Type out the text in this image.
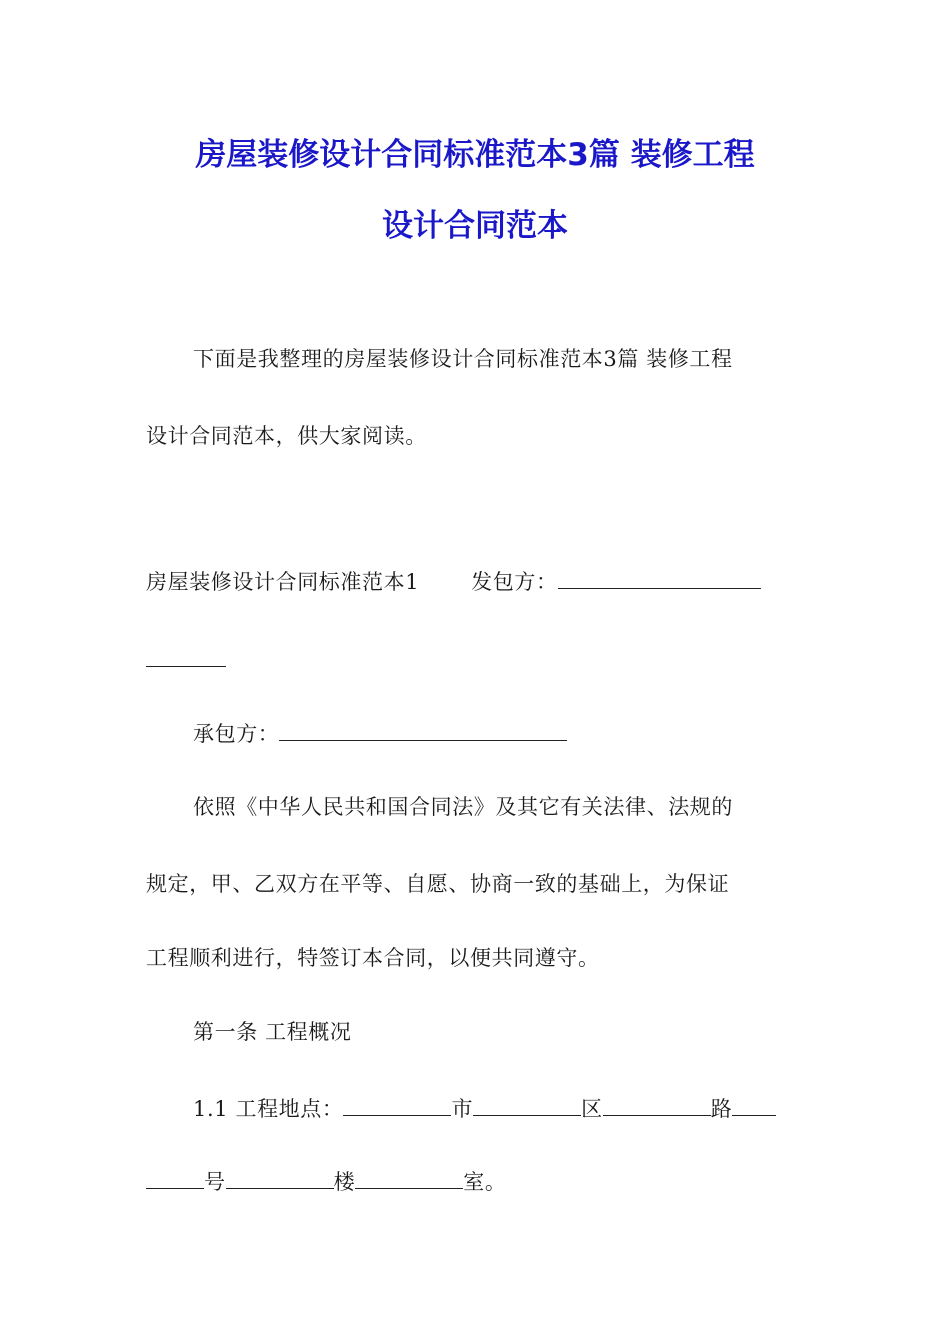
房屋装修设计合同标准范本3篇 装修工程
设计合同范本
下面是我整理的房屋装修设计合同标准范本3篇 装修工程
设计合同范本，供大家阅读。
房屋装修设计合同标准范本1 发包方：
承包方：
依照《中华人民共和国合同法》及其它有关法律、法规的
规定，甲、乙双方在平等、自愿、协商一致的基础上，为保证
工程顺利进行，特签订本合同，以便共同遵守。
第一条 工程概况
1.1 工程地点：	市	区	路
号	楼	室。
